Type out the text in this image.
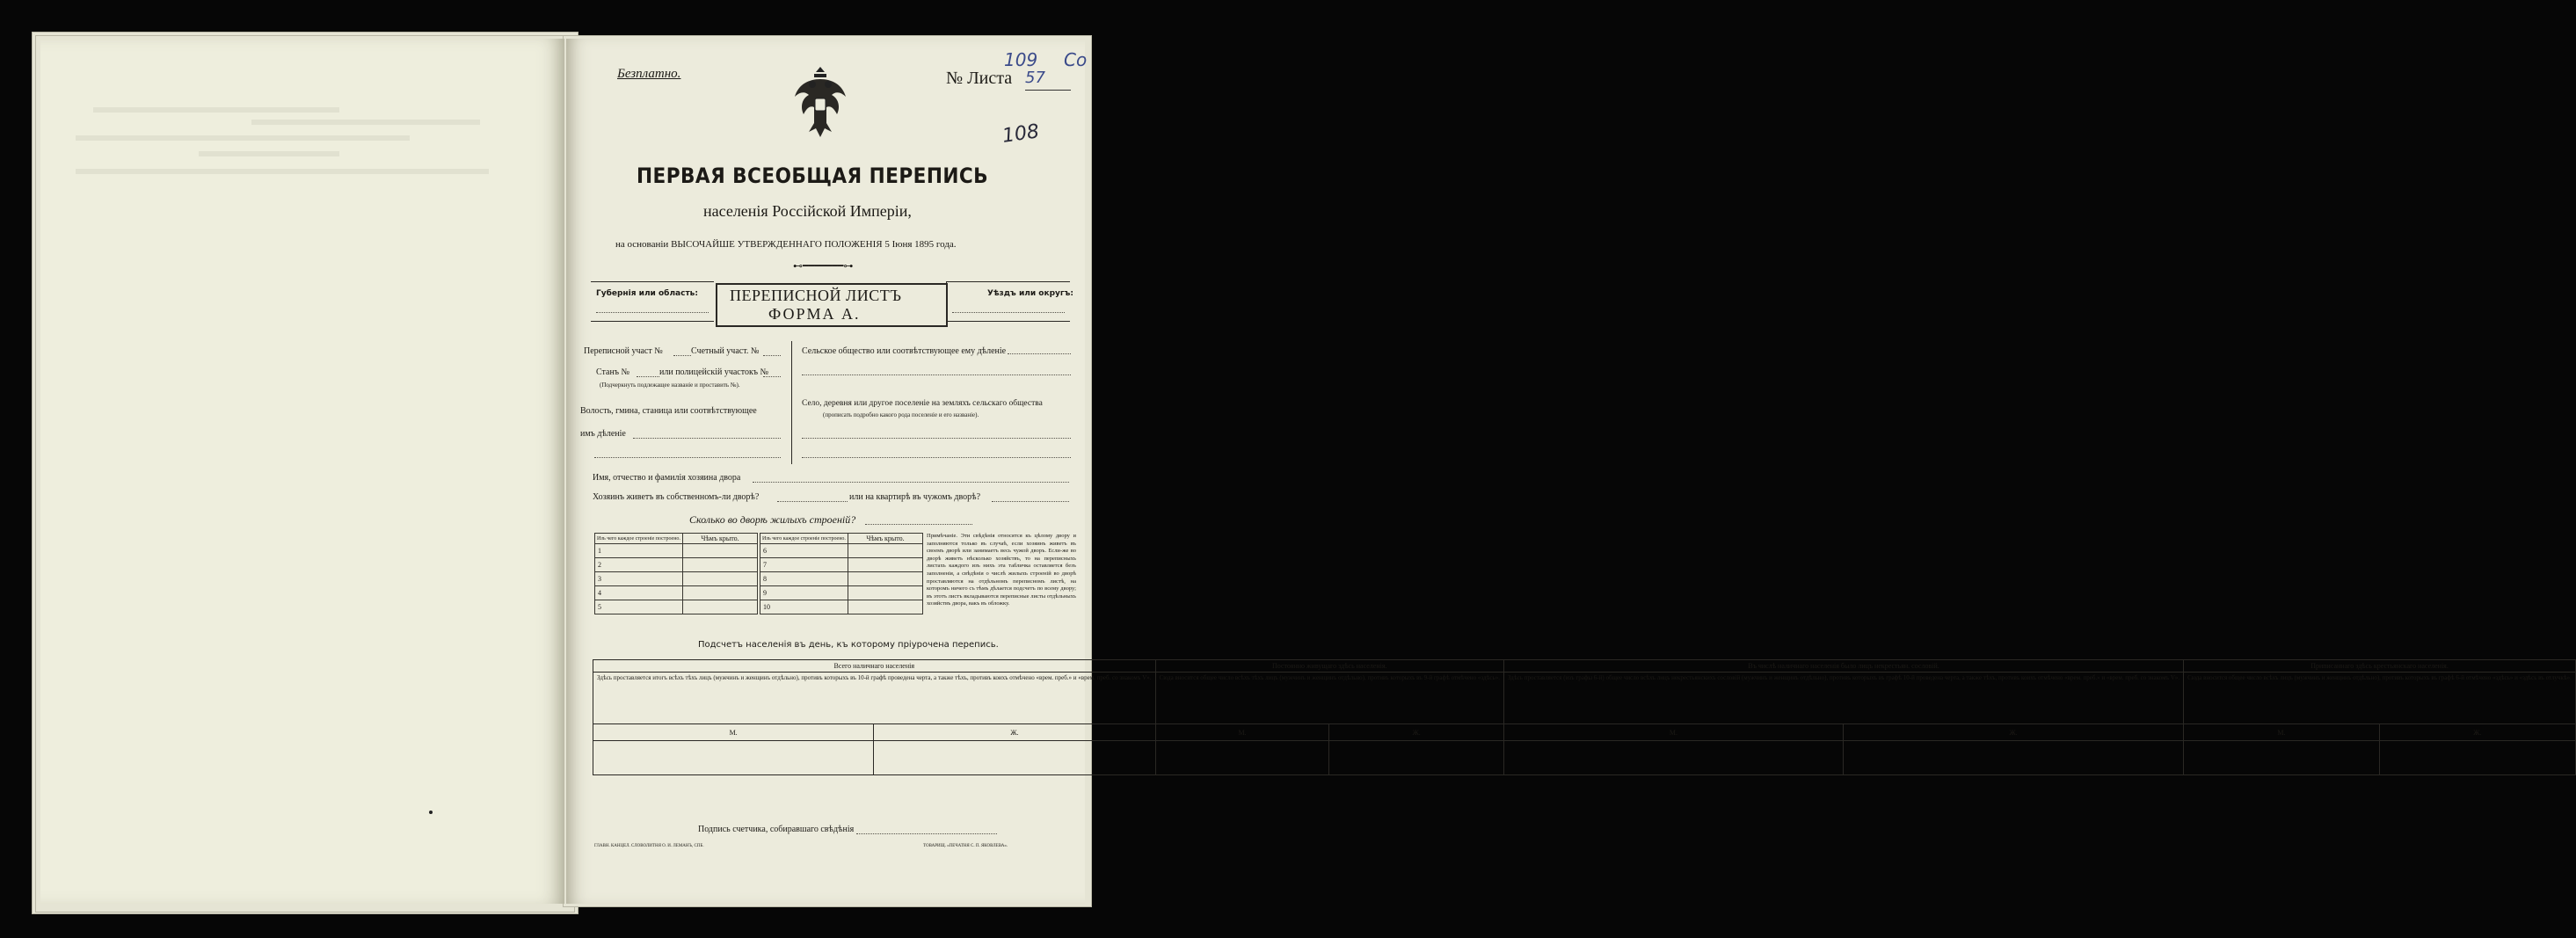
Безплатно.	№ Листа 57
109 Co
108
ПЕРВАЯ ВСЕОБЩАЯ ПЕРЕПИСЬ
населенія Россійской Имперіи,
на основаніи ВЫСОЧАЙШЕ УТВЕРЖДЕННАГО ПОЛОЖЕНІЯ 5 Іюня 1895 года.
⊷━━━━━━━⊶
Губернія или область: ПЕРЕПИСНОЙ ЛИСТЪ
ФОРМА А.
Уѣздъ или округъ:
Переписной участ №	Счетный участ. №
Станъ №	или полицейскій участокъ №
(Подчеркнуть подлежащее названіе и проставить №).
Волость, гмина, станица или соотвѣтствующее
имъ дѣленіе
Сельское общество или соотвѣтствующее ему дѣленіе
Село, деревня или другое поселеніе на земляхъ сельскаго общества
(прописать подробно какого рода поселеніе и его названіе).
Имя, отчество и фамилія хозяина двора
Хозяинъ живетъ въ собственномъ-ли дворѣ?	или на квартирѣ въ чужомъ дворѣ?
Сколько во дворѣ жилыхъ строеній?
Изъ чего каждое строеніе построено.	Чѣмъ крыто.
1	
2	
3	
4	
5	
Изъ чего каждое строеніе построено.	Чѣмъ крыто.
6	
7	
8	
9	
10	
Примѣчаніе. Эти свѣдѣнія относятся къ цѣлому двору и заполняются только въ случаѣ, если хозяинъ живетъ въ своемъ дворѣ или занимаетъ весь чужой дворъ. Если-же во дворѣ живетъ нѣсколько хозяйствъ, то на переписныхъ листахъ каждого изъ нихъ эта табличка оставляется безъ заполненія, а свѣдѣнія о числѣ жилыхъ строеній во дворѣ проставляются на отдѣльномъ переписномъ листѣ, на которомъ ничего съ тѣмъ дѣлается подсчетъ по всему двору; въ этотъ листъ вкладываются переписные листы отдѣльныхъ хозяйствъ двора, вакъ въ обложку.
Подсчетъ населенія въ день, къ которому пріурочена перепись.
Всего наличнаго населенія		Постоянно живущаго здѣсь населенія.		Въ числѣ наличнаго населенія было лицъ некрестьян. сословій.		Приписаннаго здѣсь крестьянскаго населенія.	
Здѣсь проставляется итогъ всѣхъ тѣхъ лицъ (мужчинъ и женщинъ отдѣльно), противъ которыхъ въ 10-й графѣ проведена черта, а также тѣхъ, противъ коихъ отмѣчено «врем. преб.» и «врем. преб. со знакомъ V».		Сюда вносится общее число всѣхъ тѣхъ лицъ (мужчинъ и женщинъ отдѣльно), противъ которыхъ въ 9-й графѣ отмѣчено «здѣсь».		Здѣсь проставляется (изъ графы 6-й) общее число всѣхъ лицъ некрестьянскихъ сословій (мужчинъ и женщинъ отдѣльно), противъ которыхъ въ графѣ 10-й проведена черта, а также тѣхъ, противъ коихъ отмѣчено «врем. преб.» и «врем. преб. со знакомъ V».		Сюда вносится общее число всѣхъ лицъ (мужчинъ и женщинъ отдѣльно), противъ которыхъ въ графѣ 6-й отмѣчено «здѣсь» и «здѣсь въ отлучкѣ».	
М.	Ж.	М.	Ж.	М.	Ж.	М.	Ж.

Подпись счетчика, собиравшаго свѣдѣнія
ГЛАВН. КАНЦЕЛ. СЛОВОЛИТНЯ О. И. ЛЕМАНЪ, СПБ.	ТОВАРИЩ. «ПЕЧАТНЯ С. П. ЯКОВЛЕВА».
